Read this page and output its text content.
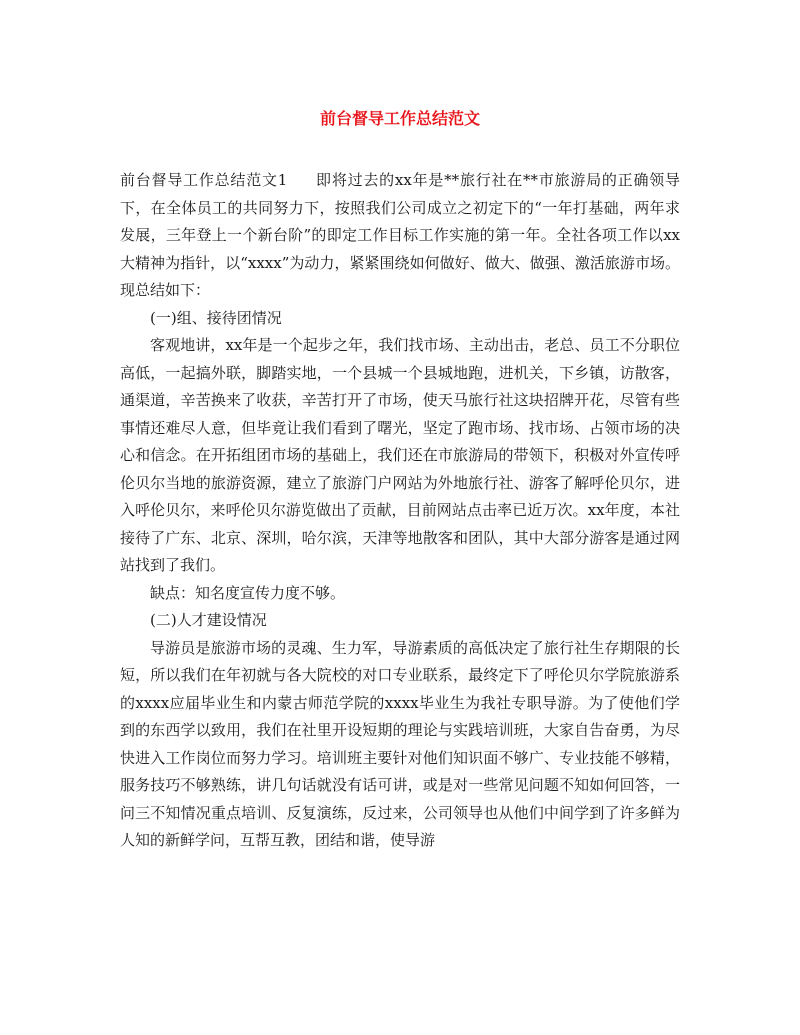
前台督导工作总结范文

前台督导工作总结范文1 即将过去的xx年是**旅行社在**市旅游局的正确领导下，在全体员工的共同努力下，按照我们公司成立之初定下的“一年打基础，两年求发展，三年登上一个新台阶”的即定工作目标工作实施的第一年。全社各项工作以xx大精神为指针，以“xxxx”为动力，紧紧围绕如何做好、做大、做强、激活旅游市场。现总结如下：

(一)组、接待团情况

客观地讲，xx年是一个起步之年，我们找市场、主动出击，老总、员工不分职位高低，一起搞外联，脚踏实地，一个县城一个县城地跑，进机关，下乡镇，访散客，通渠道，辛苦换来了收获，辛苦打开了市场，使天马旅行社这块招牌开花，尽管有些事情还难尽人意，但毕竟让我们看到了曙光，坚定了跑市场、找市场、占领市场的决心和信念。在开拓组团市场的基础上，我们还在市旅游局的带领下，积极对外宣传呼伦贝尔当地的旅游资源，建立了旅游门户网站为外地旅行社、游客了解呼伦贝尔，进入呼伦贝尔，来呼伦贝尔游览做出了贡献，目前网站点击率已近万次。xx年度，本社接待了广东、北京、深圳，哈尔滨，天津等地散客和团队，其中大部分游客是通过网站找到了我们。

缺点：知名度宣传力度不够。

(二)人才建设情况

导游员是旅游市场的灵魂、生力军，导游素质的高低决定了旅行社生存期限的长短，所以我们在年初就与各大院校的对口专业联系，最终定下了呼伦贝尔学院旅游系的xxxx应届毕业生和内蒙古师范学院的xxxx毕业生为我社专职导游。为了使他们学到的东西学以致用，我们在社里开设短期的理论与实践培训班，大家自告奋勇，为尽快进入工作岗位而努力学习。培训班主要针对他们知识面不够广、专业技能不够精，服务技巧不够熟练，讲几句话就没有话可讲，或是对一些常见问题不知如何回答，一问三不知情况重点培训、反复演练，反过来，公司领导也从他们中间学到了许多鲜为人知的新鲜学问，互帮互教，团结和谐，使导游
